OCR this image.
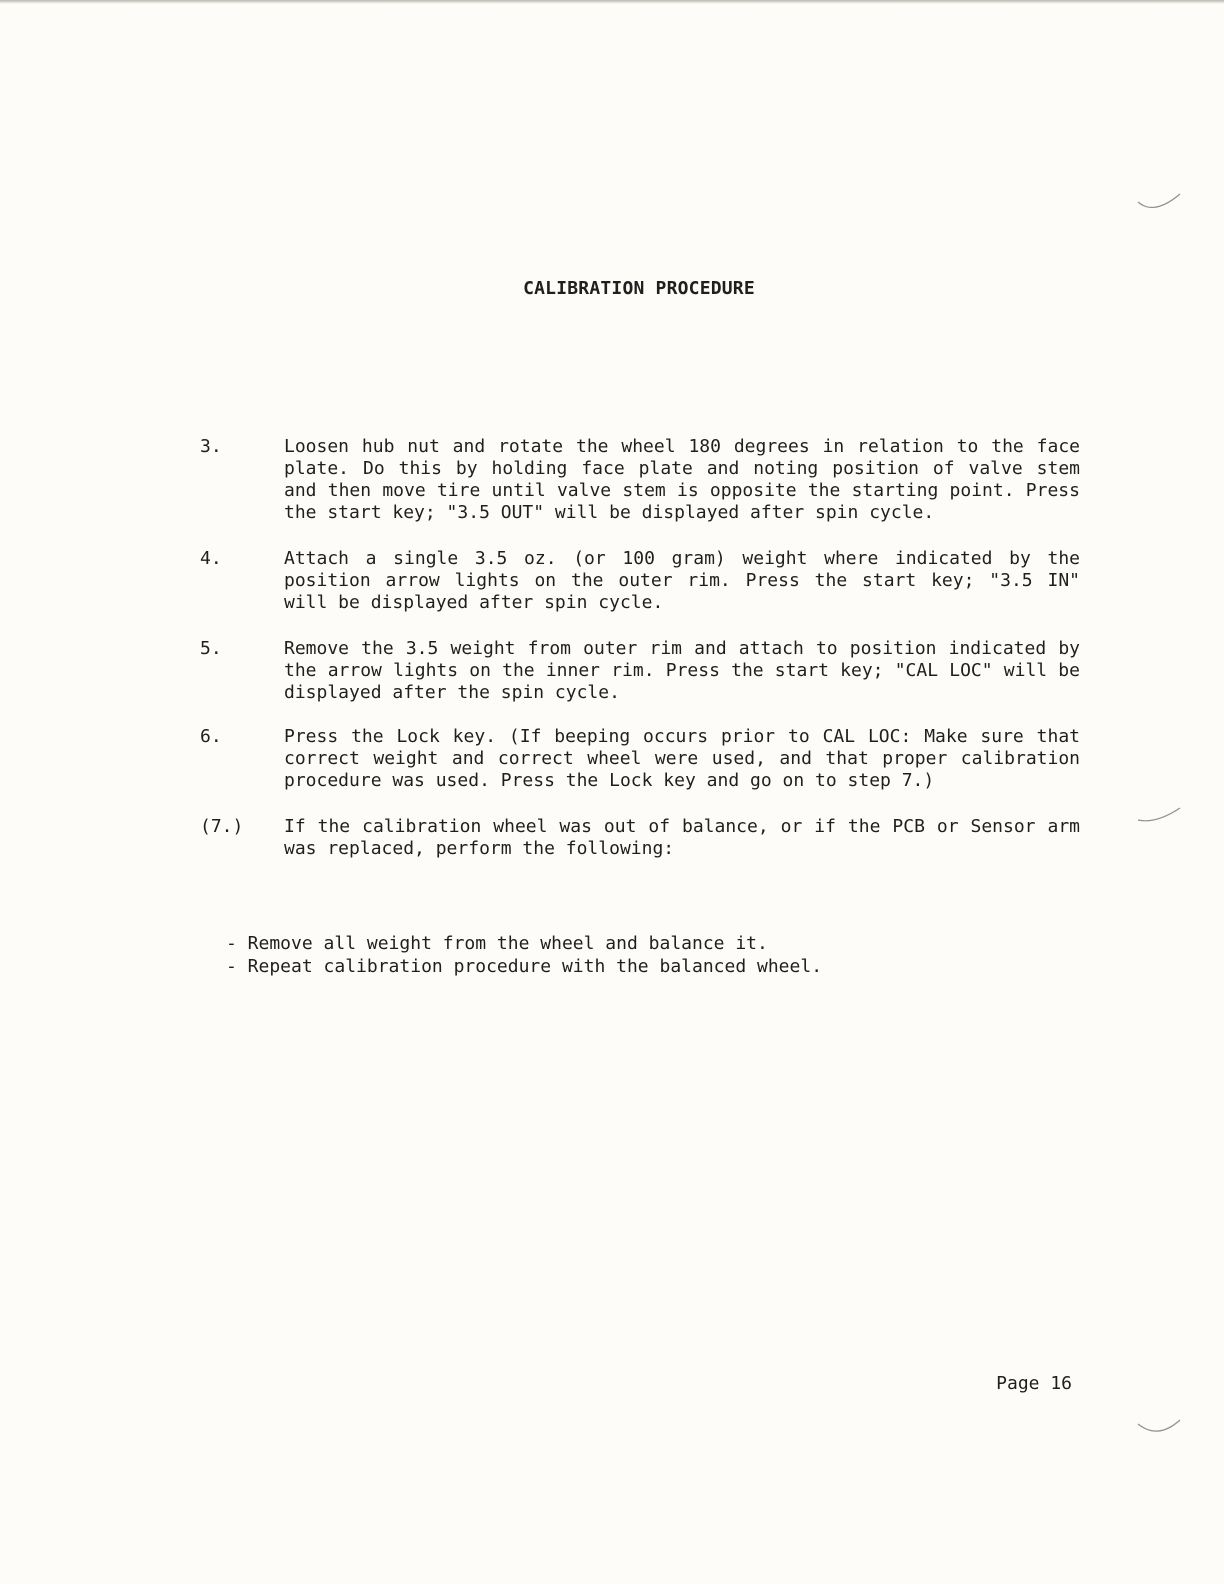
CALIBRATION PROCEDURE
3.	Loosen hub nut and rotate the wheel 180 degrees in relation to the face plate. Do this by holding face plate and noting position of valve stem and then move tire until valve stem is opposite the starting point. Press the start key; "3.5 OUT" will be displayed after spin cycle.
4.	Attach a single 3.5 oz. (or 100 gram) weight where indicated by the position arrow lights on the outer rim. Press the start key; "3.5 IN" will be displayed after spin cycle.
5.	Remove the 3.5 weight from outer rim and attach to position indicated by the arrow lights on the inner rim. Press the start key; "CAL LOC" will be displayed after the spin cycle.
6.	Press the Lock key. (If beeping occurs prior to CAL LOC: Make sure that correct weight and correct wheel were used, and that proper calibration procedure was used. Press the Lock key and go on to step 7.)
(7.) If the calibration wheel was out of balance, or if the PCB or Sensor arm was replaced, perform the following:
- Remove all weight from the wheel and balance it.
- Repeat calibration procedure with the balanced wheel.
Page 16
